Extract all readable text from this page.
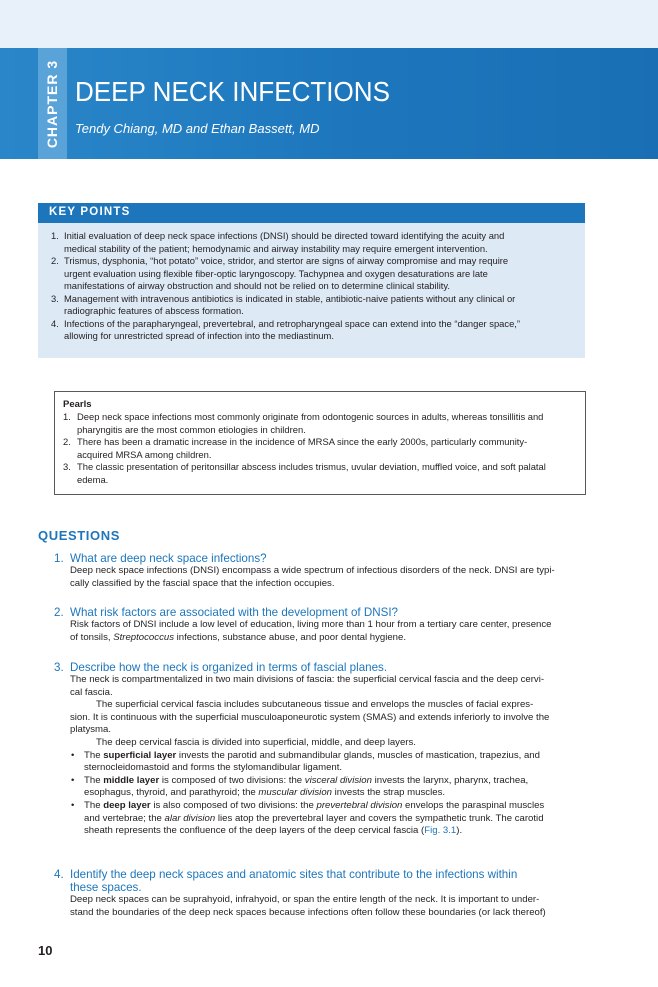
CHAPTER 3 DEEP NECK INFECTIONS
Tendy Chiang, MD and Ethan Bassett, MD
KEY POINTS
1. Initial evaluation of deep neck space infections (DNSI) should be directed toward identifying the acuity and
medical stability of the patient; hemodynamic and airway instability may require emergent intervention.
2. Trismus, dysphonia, “hot potato” voice, stridor, and stertor are signs of airway compromise and may require
urgent evaluation using flexible fiber-optic laryngoscopy. Tachypnea and oxygen desaturations are late
manifestations of airway obstruction and should not be relied on to determine clinical stability.
3. Management with intravenous antibiotics is indicated in stable, antibiotic-naive patients without any clinical or
radiographic features of abscess formation.
4. Infections of the parapharyngeal, prevertebral, and retropharyngeal space can extend into the “danger space,”
allowing for unrestricted spread of infection into the mediastinum.
Pearls
1. Deep neck space infections most commonly originate from odontogenic sources in adults, whereas tonsillitis and
pharyngitis are the most common etiologies in children.
2. There has been a dramatic increase in the incidence of MRSA since the early 2000s, particularly community-
acquired MRSA among children.
3. The classic presentation of peritonsillar abscess includes trismus, uvular deviation, muffled voice, and soft palatal
edema.
QUESTIONS

1. What are deep neck space infections?

Deep neck space infections (DNSI) encompass a wide spectrum of infectious disorders of the neck. DNSI are typi-
cally classified by the fascial space that the infection occupies.

2. What risk factors are associated with the development of DNSI?

Risk factors of DNSI include a low level of education, living more than 1 hour from a tertiary care center, presence
of tonsils, Streptococcus infections, substance abuse, and poor dental hygiene.

3. Describe how the neck is organized in terms of fascial planes.

The neck is compartmentalized in two main divisions of fascia: the superficial cervical fascia and the deep cervi-
cal fascia.
The superficial cervical fascia includes subcutaneous tissue and envelops the muscles of facial expres-
sion. It is continuous with the superficial musculoaponeurotic system (SMAS) and extends inferiorly to involve the
platysma.
The deep cervical fascia is divided into superficial, middle, and deep layers.
• The superficial layer invests the parotid and submandibular glands, muscles of mastication, trapezius, and
sternocleidomastoid and forms the stylomandibular ligament.
• The middle layer is composed of two divisions: the visceral division invests the larynx, pharynx, trachea,
esophagus, thyroid, and parathyroid; the muscular division invests the strap muscles.
• The deep layer is also composed of two divisions: the prevertebral division envelops the paraspinal muscles
and vertebrae; the alar division lies atop the prevertebral layer and covers the sympathetic trunk. The carotid
sheath represents the confluence of the deep layers of the deep cervical fascia (Fig. 3.1).

4. Identify the deep neck spaces and anatomic sites that contribute to the infections within
these spaces.

Deep neck spaces can be suprahyoid, infrahyoid, or span the entire length of the neck. It is important to under-
stand the boundaries of the deep neck spaces because infections often follow these boundaries (or lack thereof)
10
